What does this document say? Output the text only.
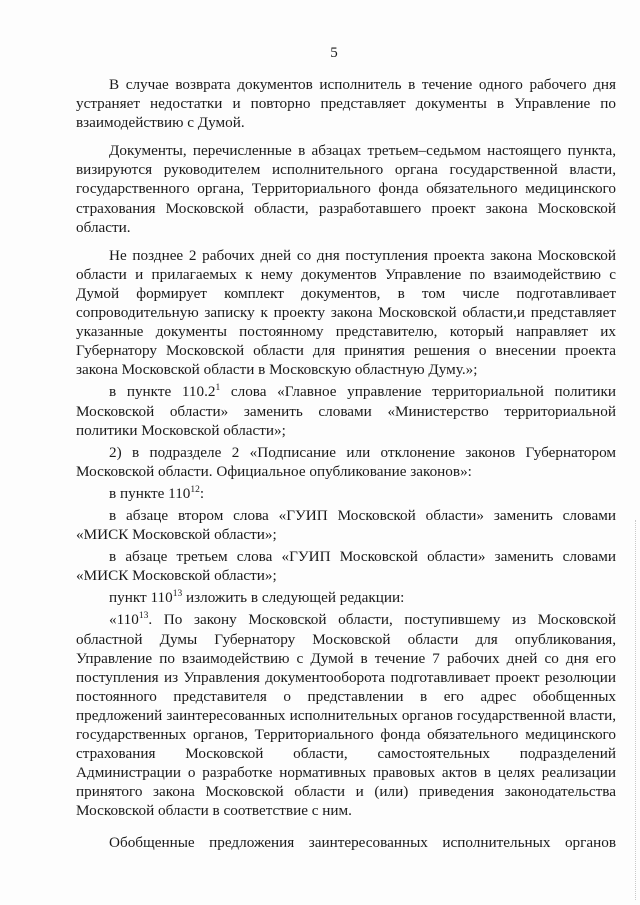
5

В случае возврата документов исполнитель в течение одного рабочего дня устраняет недостатки и повторно представляет документы в Управление по взаимодействию с Думой.

Документы, перечисленные в абзацах третьем–седьмом настоящего пункта, визируются руководителем исполнительного органа государственной власти, государственного органа, Территориального фонда обязательного медицинского страхования Московской области, разработавшего проект закона Московской области.

Не позднее 2 рабочих дней со дня поступления проекта закона Московской области и прилагаемых к нему документов Управление по взаимодействию с Думой формирует комплект документов, в том числе подготавливает сопроводительную записку к проекту закона Московской области,и представляет указанные документы постоянному представителю, который направляет их Губернатору Московской области для принятия решения о внесении проекта закона Московской области в Московскую областную Думу.»;

в пункте 110.2$^1$ слова «Главное управление территориальной политики Московской области» заменить словами «Министерство территориальной политики Московской области»;

2) в подразделе 2 «Подписание или отклонение законов Губернатором Московской области. Официальное опубликование законов»:

в пункте $110^{12}$:

в абзаце втором слова «ГУИП Московской области» заменить словами «МИСК Московской области»;

в абзаце третьем слова «ГУИП Московской области» заменить словами «МИСК Московской области»;

пункт $110^{13}$ изложить в следующей редакции:

«$110^{13}$. По закону Московской области, поступившему из Московской областной Думы Губернатору Московской области для опубликования, Управление по взаимодействию с Думой в течение 7 рабочих дней со дня его поступления из Управления документооборота подготавливает проект резолюции постоянного представителя о представлении в его адрес обобщенных предложений заинтересованных исполнительных органов государственной власти, государственных органов, Территориального фонда обязательного медицинского страхования Московской области, самостоятельных подразделений Администрации о разработке нормативных правовых актов в целях реализации принятого закона Московской области и (или) приведения законодательства Московской области в соответствие с ним.

Обобщенные предложения заинтересованных исполнительных органов
